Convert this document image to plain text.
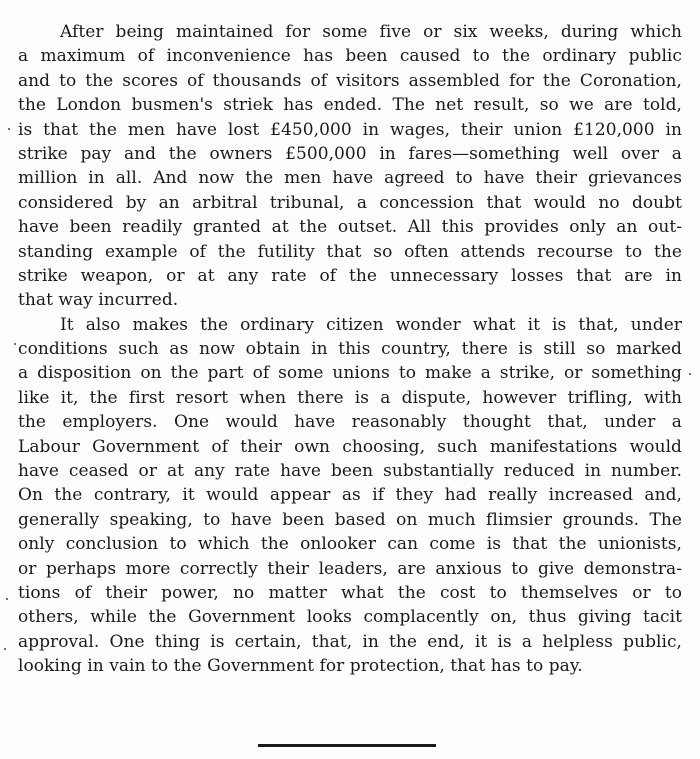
After being maintained for some five or six weeks, during which
a maximum of inconvenience has been caused to the ordinary public
and to the scores of thousands of visitors assembled for the Coronation,
the London busmen's striek has ended. The net result, so we are told,
is that the men have lost £450,000 in wages, their union £120,000 in
strike pay and the owners £500,000 in fares—something well over a
million in all. And now the men have agreed to have their grievances
considered by an arbitral tribunal, a concession that would no doubt
have been readily granted at the outset. All this provides only an out-
standing example of the futility that so often attends recourse to the
strike weapon, or at any rate of the unnecessary losses that are in
that way incurred.
It also makes the ordinary citizen wonder what it is that, under
conditions such as now obtain in this country, there is still so marked
a disposition on the part of some unions to make a strike, or something
like it, the first resort when there is a dispute, however trifling, with
the employers. One would have reasonably thought that, under a
Labour Government of their own choosing, such manifestations would
have ceased or at any rate have been substantially reduced in number.
On the contrary, it would appear as if they had really increased and,
generally speaking, to have been based on much flimsier grounds. The
only conclusion to which the onlooker can come is that the unionists,
or perhaps more correctly their leaders, are anxious to give demonstra-
tions of their power, no matter what the cost to themselves or to
others, while the Government looks complacently on, thus giving tacit
approval. One thing is certain, that, in the end, it is a helpless public,
looking in vain to the Government for protection, that has to pay.
